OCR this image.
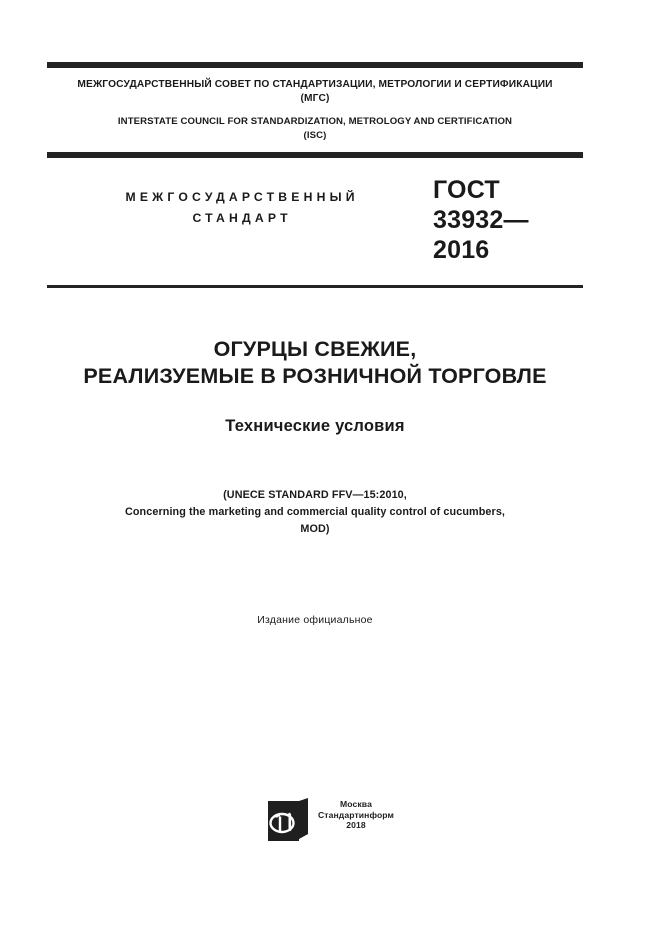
МЕЖГОСУДАРСТВЕННЫЙ СОВЕТ ПО СТАНДАРТИЗАЦИИ, МЕТРОЛОГИИ И СЕРТИФИКАЦИИ
(МГС)
INTERSTATE COUNCIL FOR STANDARDIZATION, METROLOGY AND CERTIFICATION
(ISC)
МЕЖГОСУДАРСТВЕННЫЙ
СТАНДАРТ
ГОСТ
33932—
2016
ОГУРЦЫ СВЕЖИЕ,
РЕАЛИЗУЕМЫЕ В РОЗНИЧНОЙ ТОРГОВЛЕ
Технические условия
(UNECE STANDARD FFV—15:2010,
Concerning the marketing and commercial quality control of cucumbers,
MOD)
Издание официальное
Москва
Стандартинформ
2018
